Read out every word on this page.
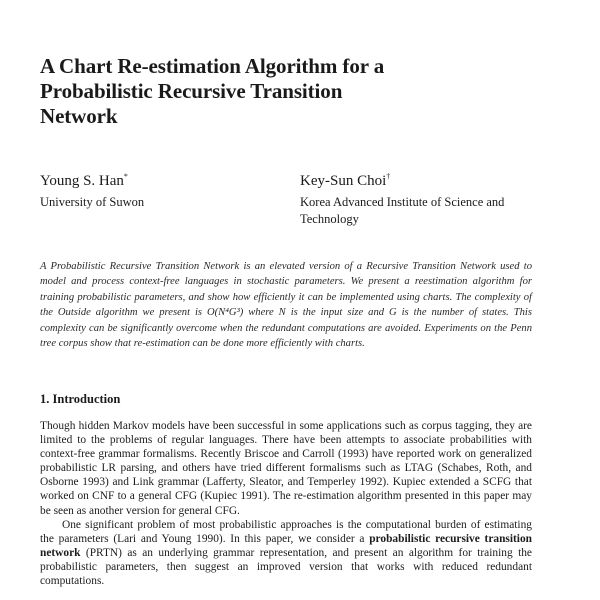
A Chart Re-estimation Algorithm for a
Probabilistic Recursive Transition
Network
Young S. Han*
University of Suwon
Key-Sun Choi†
Korea Advanced Institute of Science and Technology
A Probabilistic Recursive Transition Network is an elevated version of a Recursive Transition Network used to model and process context-free languages in stochastic parameters. We present a reestimation algorithm for training probabilistic parameters, and show how efficiently it can be implemented using charts. The complexity of the Outside algorithm we present is O(N⁴G³) where N is the input size and G is the number of states. This complexity can be significantly overcome when the redundant computations are avoided. Experiments on the Penn tree corpus show that re-estimation can be done more efficiently with charts.
1. Introduction

Though hidden Markov models have been successful in some applications such as corpus tagging, they are limited to the problems of regular languages. There have been attempts to associate probabilities with context-free grammar formalisms. Recently Briscoe and Carroll (1993) have reported work on generalized probabilistic LR parsing, and others have tried different formalisms such as LTAG (Schabes, Roth, and Osborne 1993) and Link grammar (Lafferty, Sleator, and Temperley 1992). Kupiec extended a SCFG that worked on CNF to a general CFG (Kupiec 1991). The re-estimation algorithm presented in this paper may be seen as another version for general CFG.

One significant problem of most probabilistic approaches is the computational burden of estimating the parameters (Lari and Young 1990). In this paper, we consider a probabilistic recursive transition network (PRTN) as an underlying grammar representation, and present an algorithm for training the probabilistic parameters, then suggest an improved version that works with reduced redundant computations.
